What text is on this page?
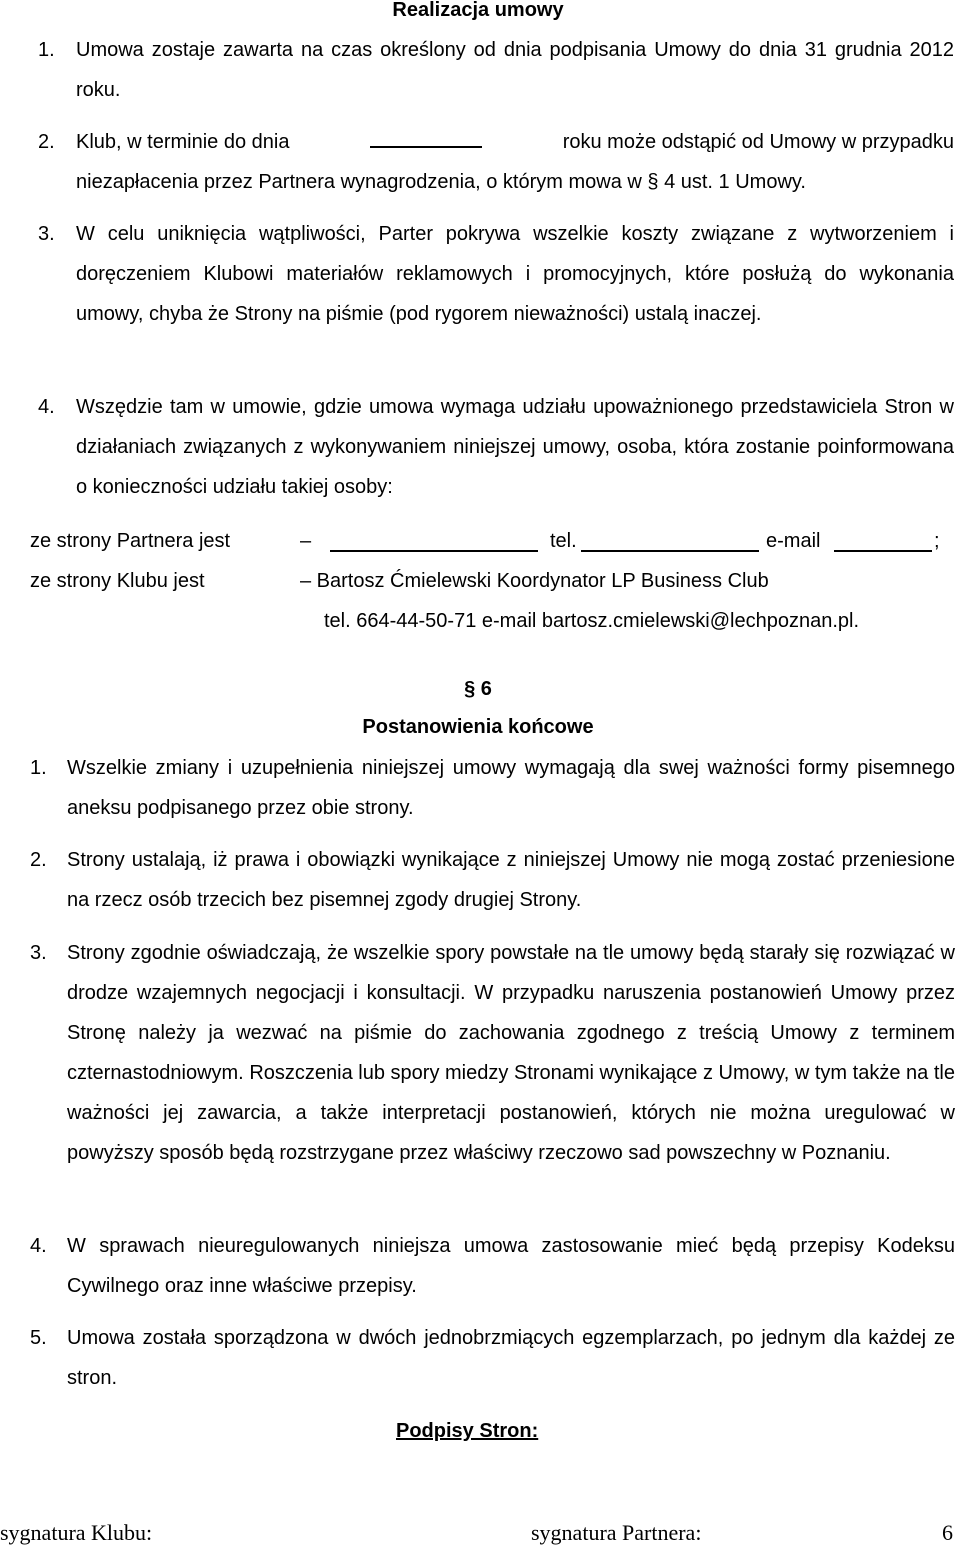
Realizacja umowy
1. Umowa zostaje zawarta na czas określony od dnia podpisania Umowy do dnia 31 grudnia 2012 roku.
2. Klub, w terminie do dnia	roku może odstąpić od Umowy w przypadku
niezapłacenia przez Partnera wynagrodzenia, o którym mowa w § 4 ust. 1 Umowy.
3. W celu uniknięcia wątpliwości, Parter pokrywa wszelkie koszty związane z wytworzeniem i doręczeniem Klubowi materiałów reklamowych i promocyjnych, które posłużą do wykonania umowy, chyba że Strony na piśmie (pod rygorem nieważności) ustalą inaczej.
4. Wszędzie tam w umowie, gdzie umowa wymaga udziału upoważnionego przedstawiciela Stron w działaniach związanych z wykonywaniem niniejszej umowy, osoba, która zostanie poinformowana o konieczności udziału takiej osoby:
ze strony Partnera jest	–	tel.	e-mail	;
ze strony Klubu jest	– Bartosz Ćmielewski Koordynator LP Business Club
tel. 664-44-50-71 e-mail bartosz.cmielewski@lechpoznan.pl.
§ 6
Postanowienia końcowe
1. Wszelkie zmiany i uzupełnienia niniejszej umowy wymagają dla swej ważności formy pisemnego aneksu podpisanego przez obie strony.
2. Strony ustalają, iż prawa i obowiązki wynikające z niniejszej Umowy nie mogą zostać przeniesione na rzecz osób trzecich bez pisemnej zgody drugiej Strony.
3. Strony zgodnie oświadczają, że wszelkie spory powstałe na tle umowy będą starały się rozwiązać w drodze wzajemnych negocjacji i konsultacji. W przypadku naruszenia postanowień Umowy przez Stronę należy ja wezwać na piśmie do zachowania zgodnego z treścią Umowy z terminem czternastodniowym. Roszczenia lub spory miedzy Stronami wynikające z Umowy, w tym także na tle ważności jej zawarcia, a także interpretacji postanowień, których nie można uregulować w powyższy sposób będą rozstrzygane przez właściwy rzeczowo sad powszechny w Poznaniu.
4. W sprawach nieuregulowanych niniejsza umowa zastosowanie mieć będą przepisy Kodeksu Cywilnego oraz inne właściwe przepisy.
5. Umowa została sporządzona w dwóch jednobrzmiących egzemplarzach, po jednym dla każdej ze stron.
Podpisy Stron:
sygnatura Klubu:	sygnatura Partnera:	6
